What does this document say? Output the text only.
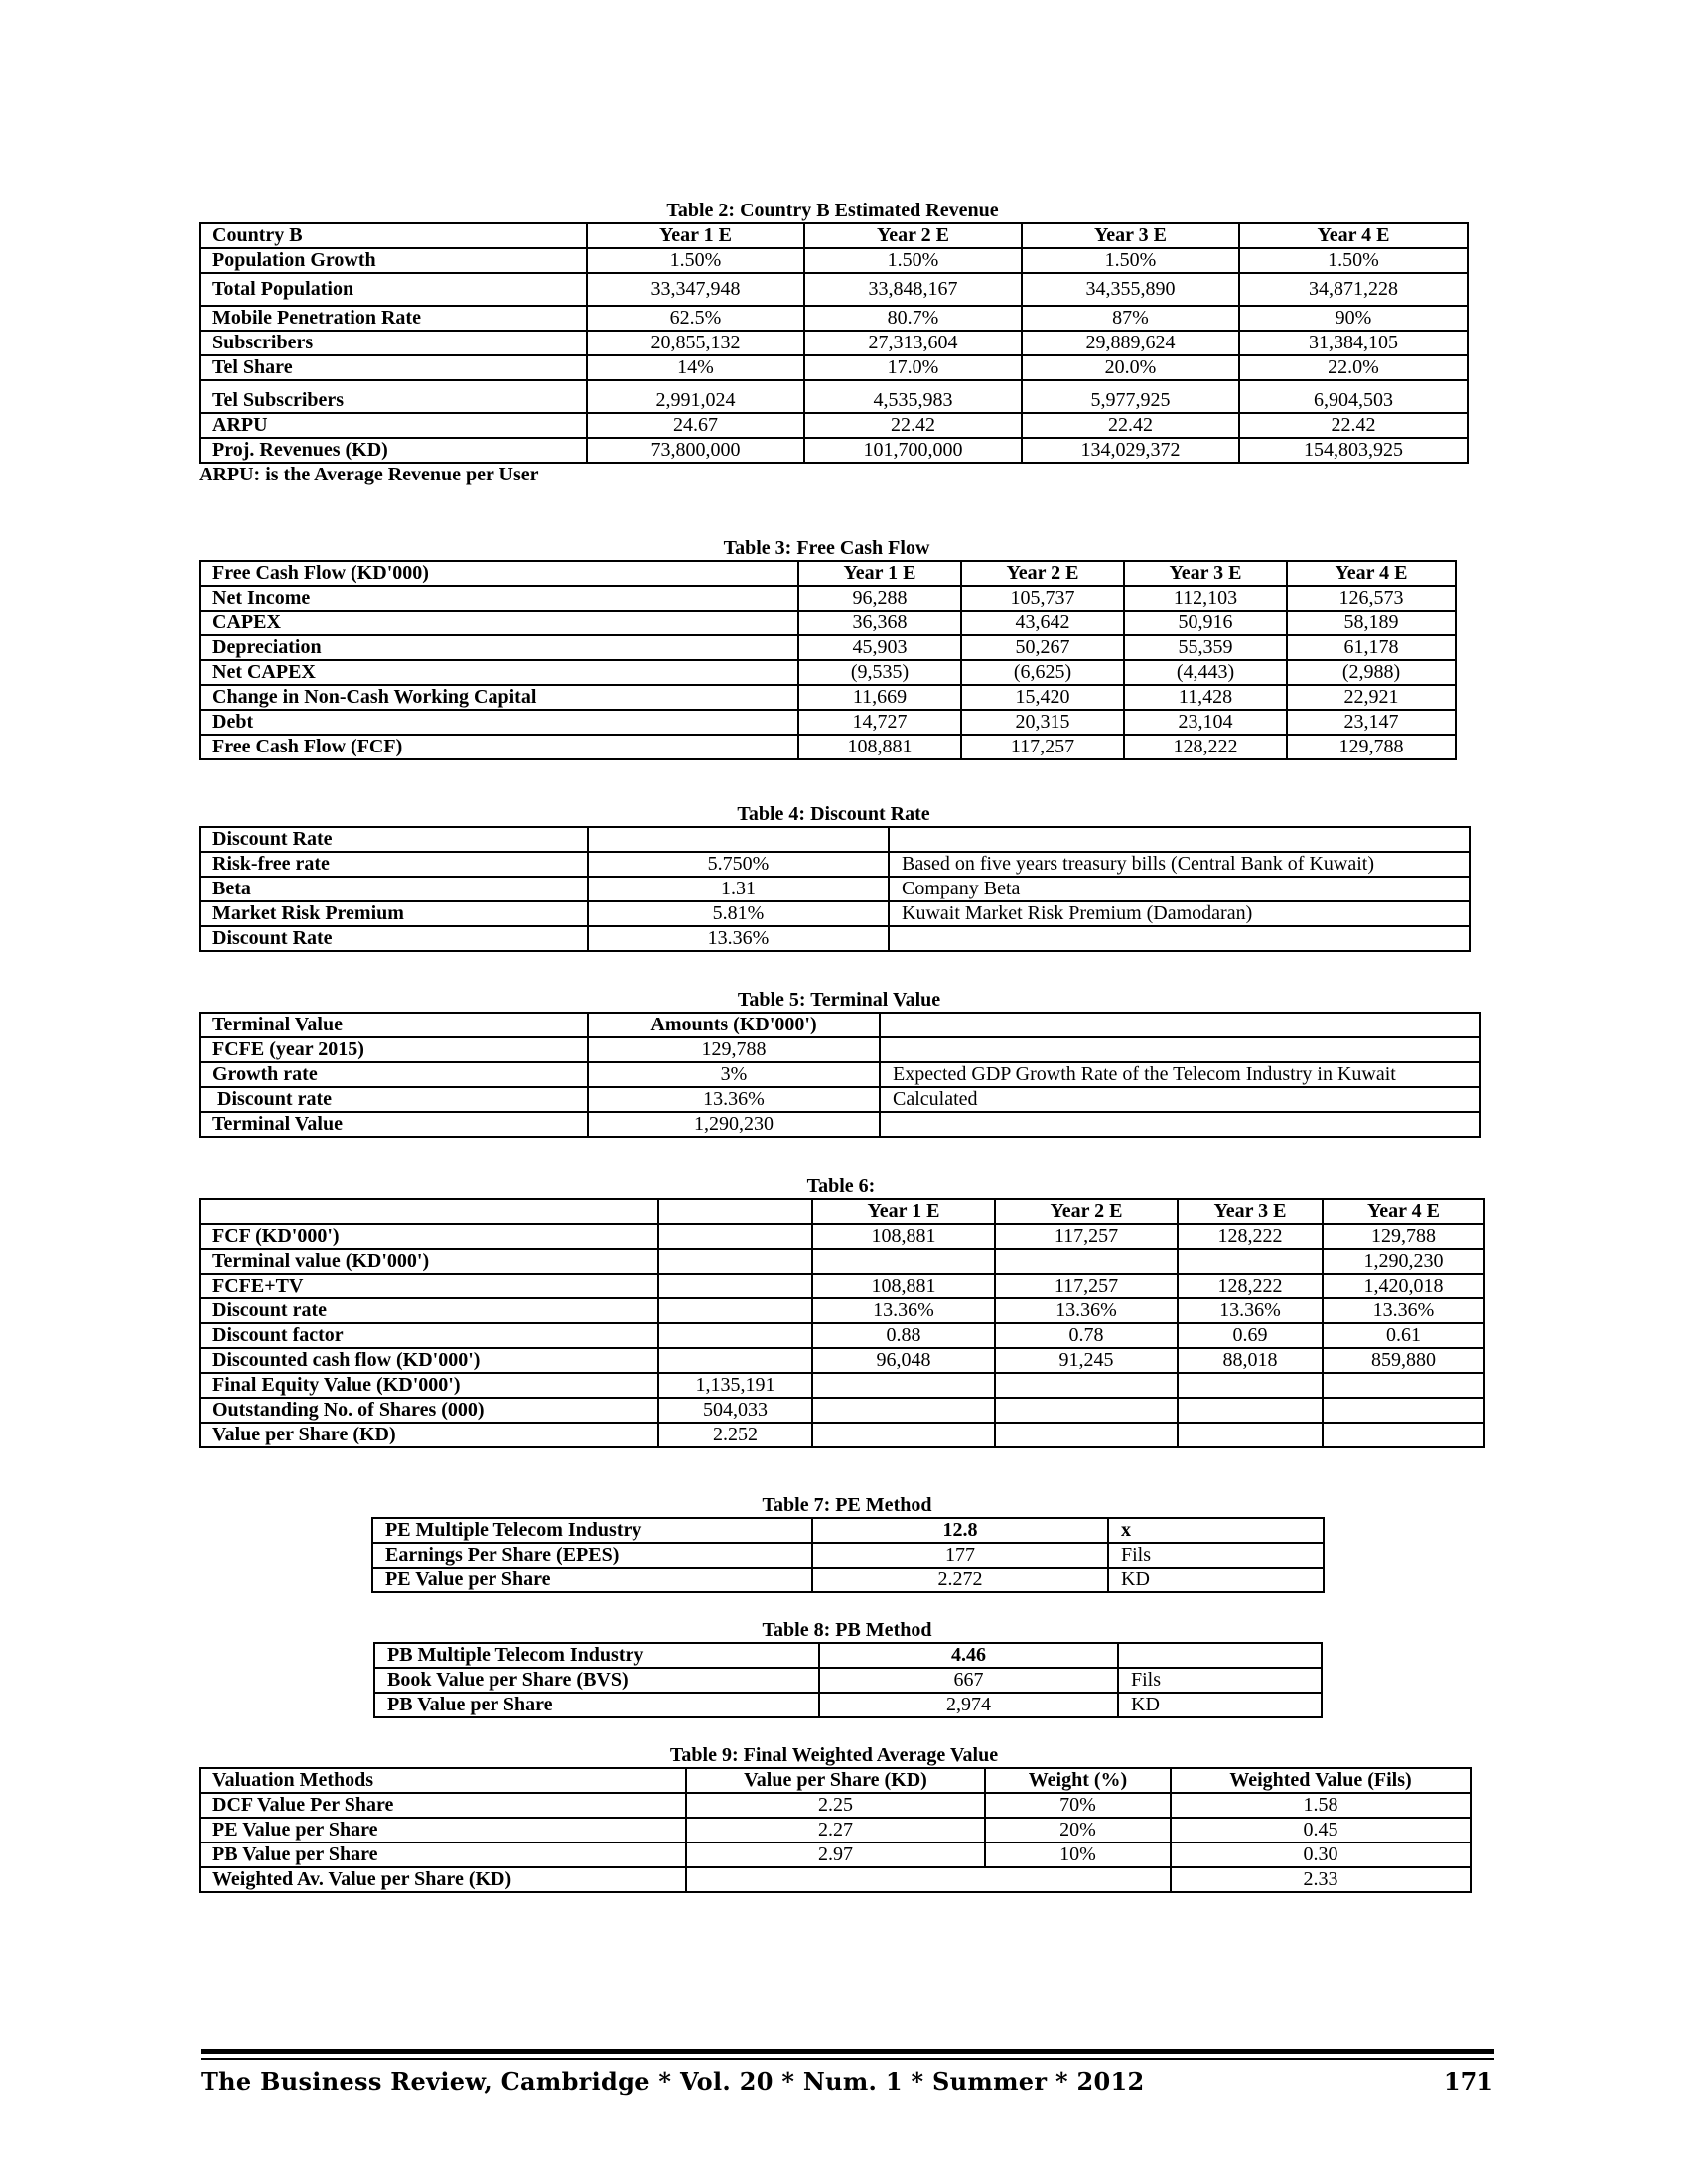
Table 2: Country B Estimated Revenue
Country B	Year 1 E	Year 2 E	Year 3 E	Year 4 E
Population Growth	1.50%	1.50%	1.50%	1.50%
Total Population	33,347,948	33,848,167	34,355,890	34,871,228
Mobile Penetration Rate	62.5%	80.7%	87%	90%
Subscribers	20,855,132	27,313,604	29,889,624	31,384,105
Tel Share	14%	17.0%	20.0%	22.0%
Tel Subscribers	2,991,024	4,535,983	5,977,925	6,904,503
ARPU	24.67	22.42	22.42	22.42
Proj. Revenues (KD)	73,800,000	101,700,000	134,029,372	154,803,925
ARPU: is the Average Revenue per User
Table 3: Free Cash Flow
Free Cash Flow (KD'000)	Year 1 E	Year 2 E	Year 3 E	Year 4 E
Net Income	96,288	105,737	112,103	126,573
CAPEX	36,368	43,642	50,916	58,189
Depreciation	45,903	50,267	55,359	61,178
Net CAPEX	(9,535)	(6,625)	(4,443)	(2,988)
Change in Non-Cash Working Capital	11,669	15,420	11,428	22,921
Debt	14,727	20,315	23,104	23,147
Free Cash Flow (FCF)	108,881	117,257	128,222	129,788
Table 4: Discount Rate
Discount Rate		
Risk-free rate	5.750%	Based on five years treasury bills (Central Bank of Kuwait)
Beta	1.31	Company Beta
Market Risk Premium	5.81%	Kuwait Market Risk Premium (Damodaran)
Discount Rate	13.36%	
Table 5: Terminal Value
Terminal Value	Amounts (KD'000')	
FCFE (year 2015)	129,788	
Growth rate	3%	Expected GDP Growth Rate of the Telecom Industry in Kuwait
Discount rate	13.36%	Calculated
Terminal Value	1,290,230	
Table 6:
		Year 1 E	Year 2 E	Year 3 E	Year 4 E
FCF (KD'000')		108,881	117,257	128,222	129,788
Terminal value (KD'000')					1,290,230
FCFE+TV		108,881	117,257	128,222	1,420,018
Discount rate		13.36%	13.36%	13.36%	13.36%
Discount factor		0.88	0.78	0.69	0.61
Discounted cash flow (KD'000')		96,048	91,245	88,018	859,880
Final Equity Value (KD'000')	1,135,191				
Outstanding No. of Shares (000)	504,033				
Value per Share (KD)	2.252				
Table 7: PE Method
PE Multiple Telecom Industry	12.8	x
Earnings Per Share (EPES)	177	Fils
PE Value per Share	2.272	KD
Table 8: PB Method
PB Multiple Telecom Industry	4.46	
Book Value per Share (BVS)	667	Fils
PB Value per Share	2,974	KD
Table 9: Final Weighted Average Value
Valuation Methods	Value per Share (KD)	Weight (%)	Weighted Value (Fils)
DCF Value Per Share	2.25	70%	1.58
PE Value per Share	2.27	20%	0.45
PB Value per Share	2.97	10%	0.30
Weighted Av. Value per Share (KD)			2.33
The Business Review, Cambridge * Vol. 20 * Num. 1 * Summer * 2012	171
